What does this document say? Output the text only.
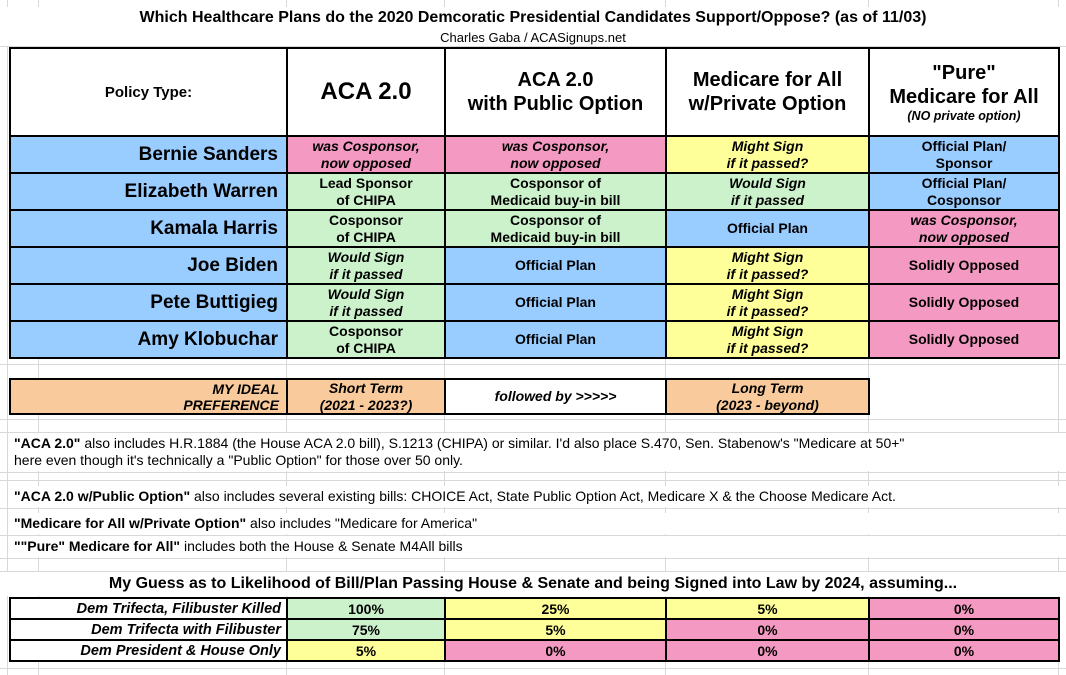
Which Healthcare Plans do the 2020 Demcoratic Presidential Candidates Support/Oppose? (as of 11/03)
Charles Gaba / ACASignups.net
Policy Type:	ACA 2.0	ACA 2.0
with Public Option	Medicare for All
w/Private Option	"Pure"
Medicare for All
(NO private option)

Bernie Sanders	was Cosponsor,
now opposed	was Cosponsor,
now opposed	Might Sign
if it passed?	Official Plan/
Sponsor

Elizabeth Warren	Lead Sponsor
of CHIPA	Cosponsor of
Medicaid buy-in bill	Would Sign
if it passed	Official Plan/
Cosponsor

Kamala Harris	Cosponsor
of CHIPA	Cosponsor of
Medicaid buy-in bill	Official Plan	was Cosponsor,
now opposed

Joe Biden	Would Sign
if it passed	Official Plan	Might Sign
if it passed?	Solidly Opposed

Pete Buttigieg	Would Sign
if it passed	Official Plan	Might Sign
if it passed?	Solidly Opposed

Amy Klobuchar	Cosponsor
of CHIPA	Official Plan	Might Sign
if it passed?	Solidly Opposed
MY IDEAL
PREFERENCE

Short Term
(2021 - 2023?)

followed by >>>>>

Long Term
(2023 - beyond)
"ACA 2.0" also includes H.R.1884 (the House ACA 2.0 bill), S.1213 (CHIPA) or similar. I'd also place S.470, Sen. Stabenow's "Medicare at 50+"
here even though it's technically a "Public Option" for those over 50 only.
"ACA 2.0 w/Public Option" also includes several existing bills: CHOICE Act, State Public Option Act, Medicare X & the Choose Medicare Act.
"Medicare for All w/Private Option" also includes "Medicare for America"
""Pure" Medicare for All" includes both the House & Senate M4All bills
My Guess as to Likelihood of Bill/Plan Passing House & Senate and being Signed into Law by 2024, assuming...
Dem Trifecta, Filibuster Killed	100%	25%	5%	0%
Dem Trifecta with Filibuster	75%	5%	0%	0%
Dem President & House Only	5%	0%	0%	0%
